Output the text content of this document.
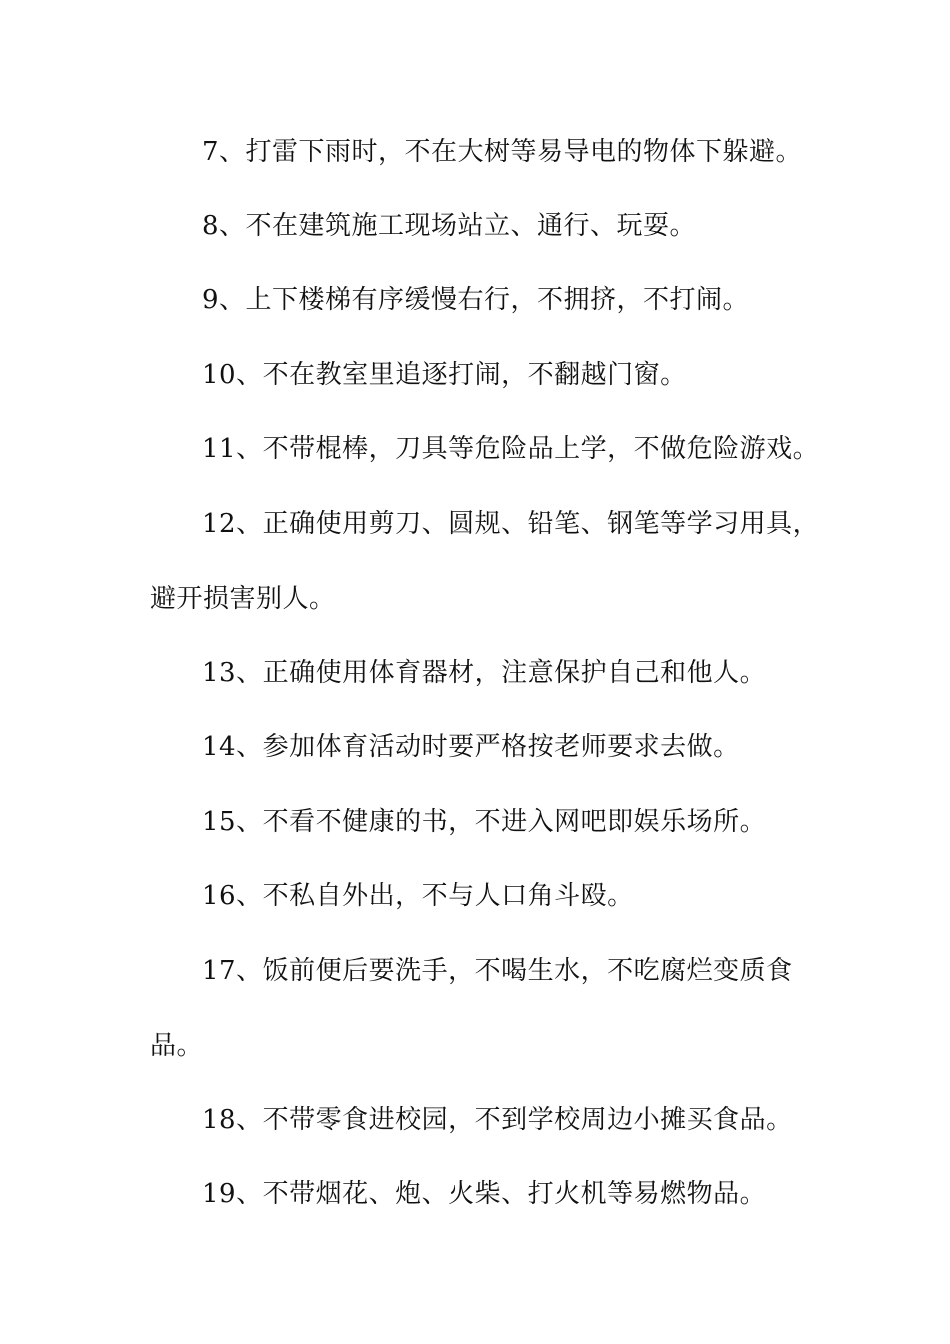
7、打雷下雨时，不在大树等易导电的物体下躲避。
8、不在建筑施工现场站立、通行、玩耍。
9、上下楼梯有序缓慢右行，不拥挤，不打闹。
10、不在教室里追逐打闹，不翻越门窗。
11、不带棍棒，刀具等危险品上学，不做危险游戏。
12、正确使用剪刀、圆规、铅笔、钢笔等学习用具，
避开损害别人。
13、正确使用体育器材，注意保护自己和他人。
14、参加体育活动时要严格按老师要求去做。
15、不看不健康的书，不进入网吧即娱乐场所。
16、不私自外出，不与人口角斗殴。
17、饭前便后要洗手，不喝生水，不吃腐烂变质食
品。
18、不带零食进校园，不到学校周边小摊买食品。
19、不带烟花、炮、火柴、打火机等易燃物品。
